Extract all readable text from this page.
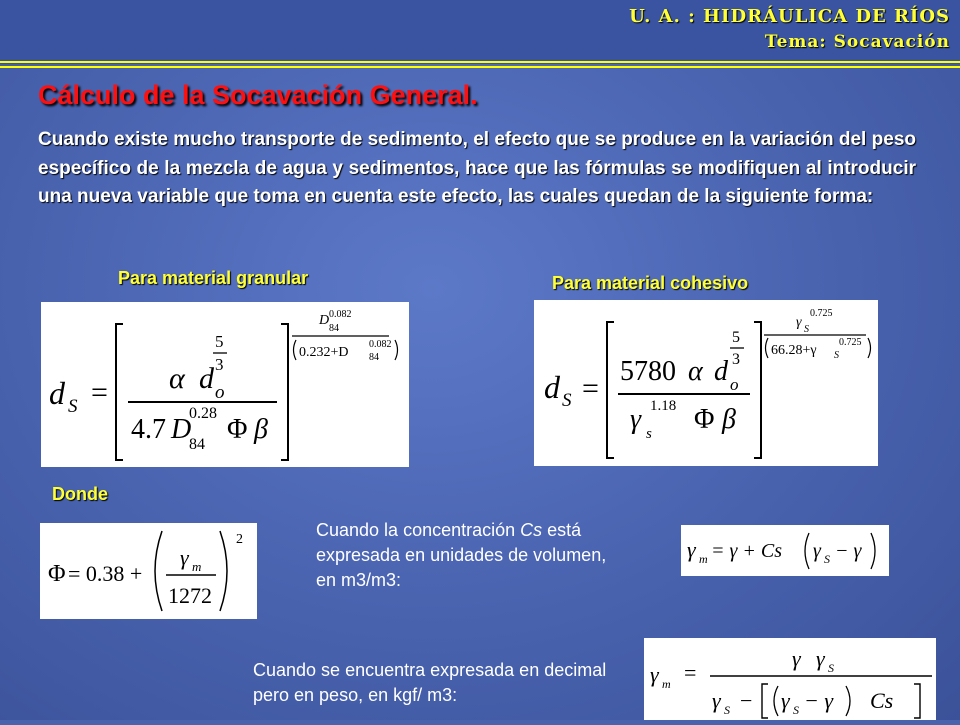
U. A. : HIDRÁULICA DE RÍOS
Tema: Socavación
Cálculo de la Socavación General.
Cuando existe mucho transporte de sedimento, el efecto que se produce en la variación del peso específico de la mezcla de agua y sedimentos, hace que las fórmulas se modifiquen al introducir una nueva variable que toma en cuenta este efecto, las cuales quedan de la siguiente forma:
Para material granular	Para material cohesivo
d S = α d o
5
3
4.7 D
0.28
84 Φ β
D 0.082
84
0.232+D
0.082
84
d S =
5780 α d o
5
3
γ s
1.18 Φ β
γ S
0.725
66.28+γ S
0.725
Donde
Φ = 0.38 +
γ m
1272
2	Cuando la concentración Cs está expresada en unidades de volumen, en m3/m3:
γ m = γ + Cs γ S − γ
Cuando se encuentra expresada en decimal pero en peso, en kgf/ m3:
γ m =
γ γ S
γ S − γ S − γ Cs
